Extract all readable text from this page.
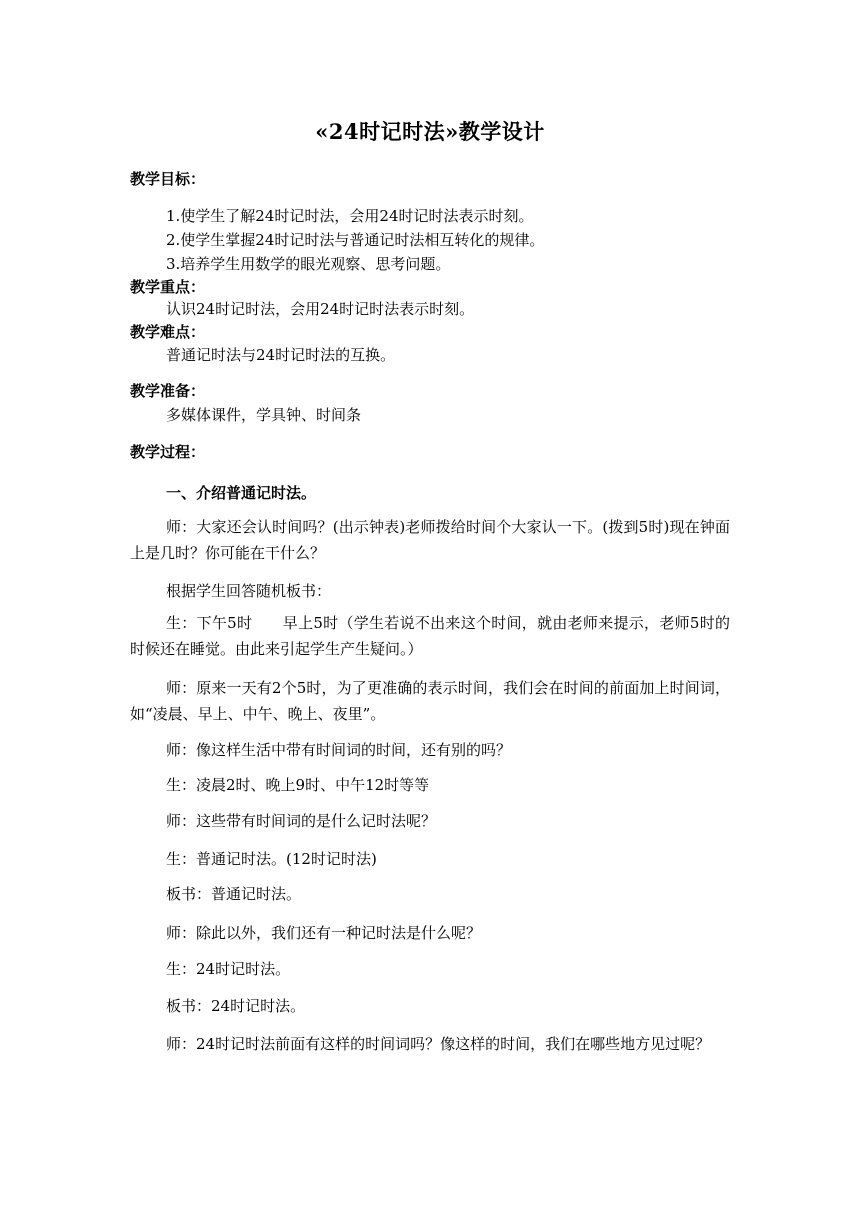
«24时记时法»教学设计
教学目标：
1.使学生了解24时记时法，会用24时记时法表示时刻。
2.使学生掌握24时记时法与普通记时法相互转化的规律。
3.培养学生用数学的眼光观察、思考问题。
教学重点：
认识24时记时法，会用24时记时法表示时刻。
教学难点：
普通记时法与24时记时法的互换。
教学准备：
多媒体课件，学具钟、时间条
教学过程：
一、介绍普通记时法。
师：大家还会认时间吗？(出示钟表)老师拨给时间个大家认一下。(拨到5时)现在钟面上是几时？你可能在干什么？
根据学生回答随机板书：
生：下午5时　　早上5时（学生若说不出来这个时间，就由老师来提示，老师5时的时候还在睡觉。由此来引起学生产生疑问。）
师：原来一天有2个5时，为了更准确的表示时间，我们会在时间的前面加上时间词，如“凌晨、早上、中午、晚上、夜里”。
师：像这样生活中带有时间词的时间，还有别的吗？
生：凌晨2时、晚上9时、中午12时等等
师：这些带有时间词的是什么记时法呢？
生：普通记时法。(12时记时法)
板书：普通记时法。
师：除此以外，我们还有一种记时法是什么呢？
生：24时记时法。
板书：24时记时法。
师：24时记时法前面有这样的时间词吗？像这样的时间，我们在哪些地方见过呢？
